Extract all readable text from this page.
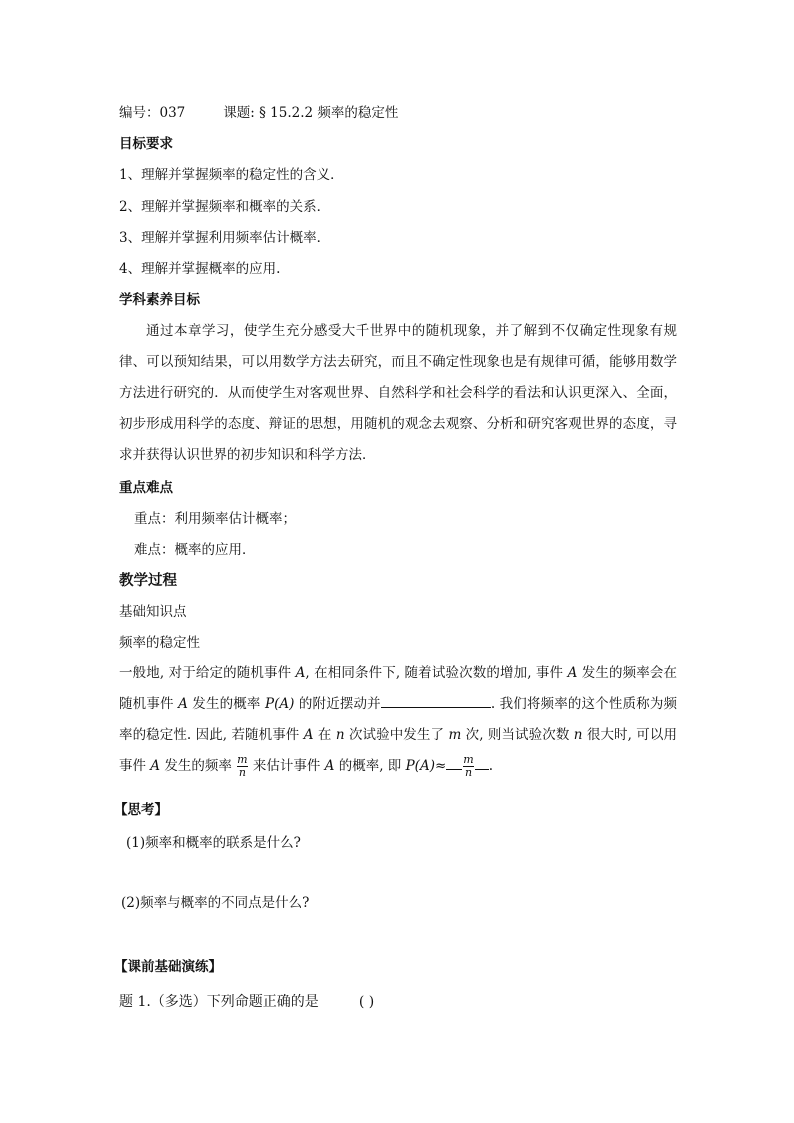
编号：037	课题: § 15.2.2 频率的稳定性
目标要求
1、理解并掌握频率的稳定性的含义．
2、理解并掌握频率和概率的关系．
3、理解并掌握利用频率估计概率．
4、理解并掌握概率的应用.
学科素养目标
通过本章学习，使学生充分感受大千世界中的随机现象，并了解到不仅确定性现象有规律、可以预知结果，可以用数学方法去研究，而且不确定性现象也是有规律可循，能够用数学方法进行研究的．从而使学生对客观世界、自然科学和社会科学的看法和认识更深入、全面，初步形成用科学的态度、辩证的思想，用随机的观念去观察、分析和研究客观世界的态度，寻求并获得认识世界的初步知识和科学方法．
重点难点
重点：利用频率估计概率；
难点：概率的应用．
教学过程
基础知识点
频率的稳定性
一般地, 对于给定的随机事件 A, 在相同条件下, 随着试验次数的增加, 事件 A 发生的频率会在随机事件 A 发生的概率 P(A) 的附近摆动并	. 我们将频率的这个性质称为频率的稳定性. 因此, 若随机事件 A 在 n 次试验中发生了 m 次, 则当试验次数 n 很大时, 可以用事件 A 发生的频率 $\frac{m}{n}$ 来估计事件 A 的概率, 即 $P(A)\approx \frac{m}{n}$ .
【思考】
(1)频率和概率的联系是什么?
(2)频率与概率的不同点是什么?
【课前基础演练】
题 1.（多选）下列命题正确的是	( )
